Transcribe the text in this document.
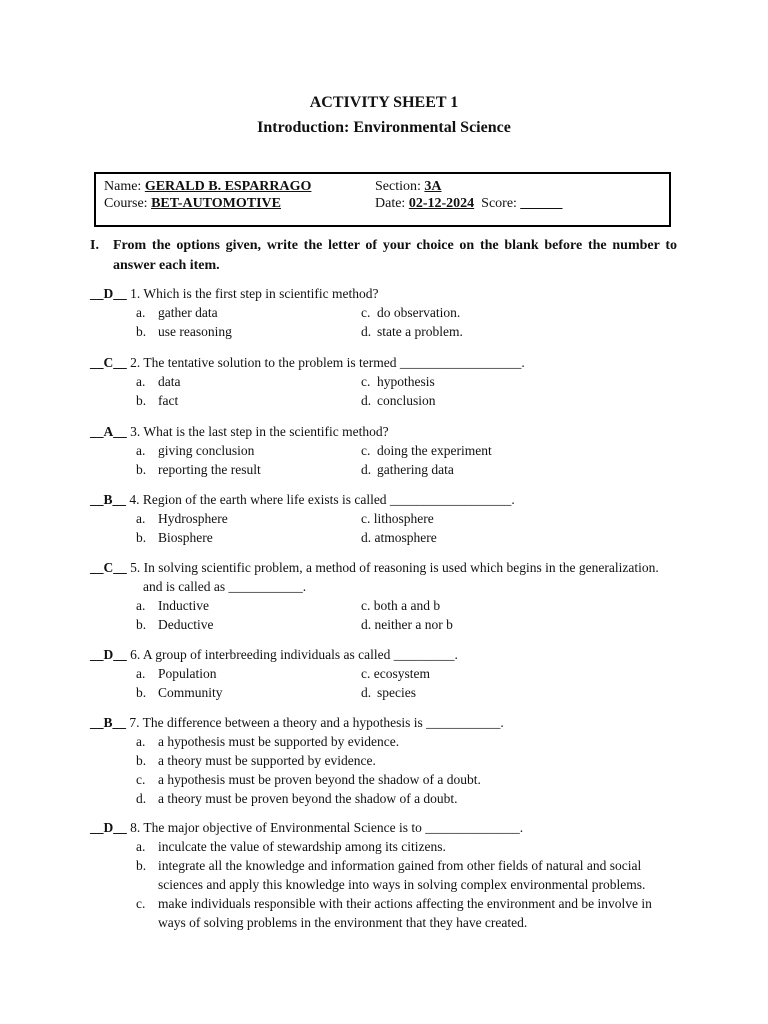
ACTIVITY SHEET 1
Introduction: Environmental Science
Name: GERALD B. ESPARRAGO
Course: BET-AUTOMOTIVE
Section: 3A
Date: 02-12-2024 Score: ______
I. From the options given, write the letter of your choice on the blank before the number to answer each item.
__D__ 1. Which is the first step in scientific method?
a. gather data	c. do observation.
b. use reasoning	d. state a problem.
__C__ 2. The tentative solution to the problem is termed __________________.
a. data	c. hypothesis
b. fact	d. conclusion
__A__ 3. What is the last step in the scientific method?
a. giving conclusion	c. doing the experiment
b. reporting the result	d. gathering data
__B__ 4. Region of the earth where life exists is called __________________.
a. Hydrosphere	c. lithosphere
b. Biosphere	d. atmosphere
__C__ 5. In solving scientific problem, a method of reasoning is used which begins in the generalization.
and is called as ___________.
a. Inductive	c. both a and b
b. Deductive	d. neither a nor b
__D__ 6. A group of interbreeding individuals as called _________.
a. Population	c. ecosystem
b. Community	d. species
__B__ 7. The difference between a theory and a hypothesis is ___________.
a. a hypothesis must be supported by evidence.
b. a theory must be supported by evidence.
c. a hypothesis must be proven beyond the shadow of a doubt.
d. a theory must be proven beyond the shadow of a doubt.
__D__ 8. The major objective of Environmental Science is to ______________.
a. inculcate the value of stewardship among its citizens.
b. integrate all the knowledge and information gained from other fields of natural and social
sciences and apply this knowledge into ways in solving complex environmental problems.
c. make individuals responsible with their actions affecting the environment and be involve in
ways of solving problems in the environment that they have created.
